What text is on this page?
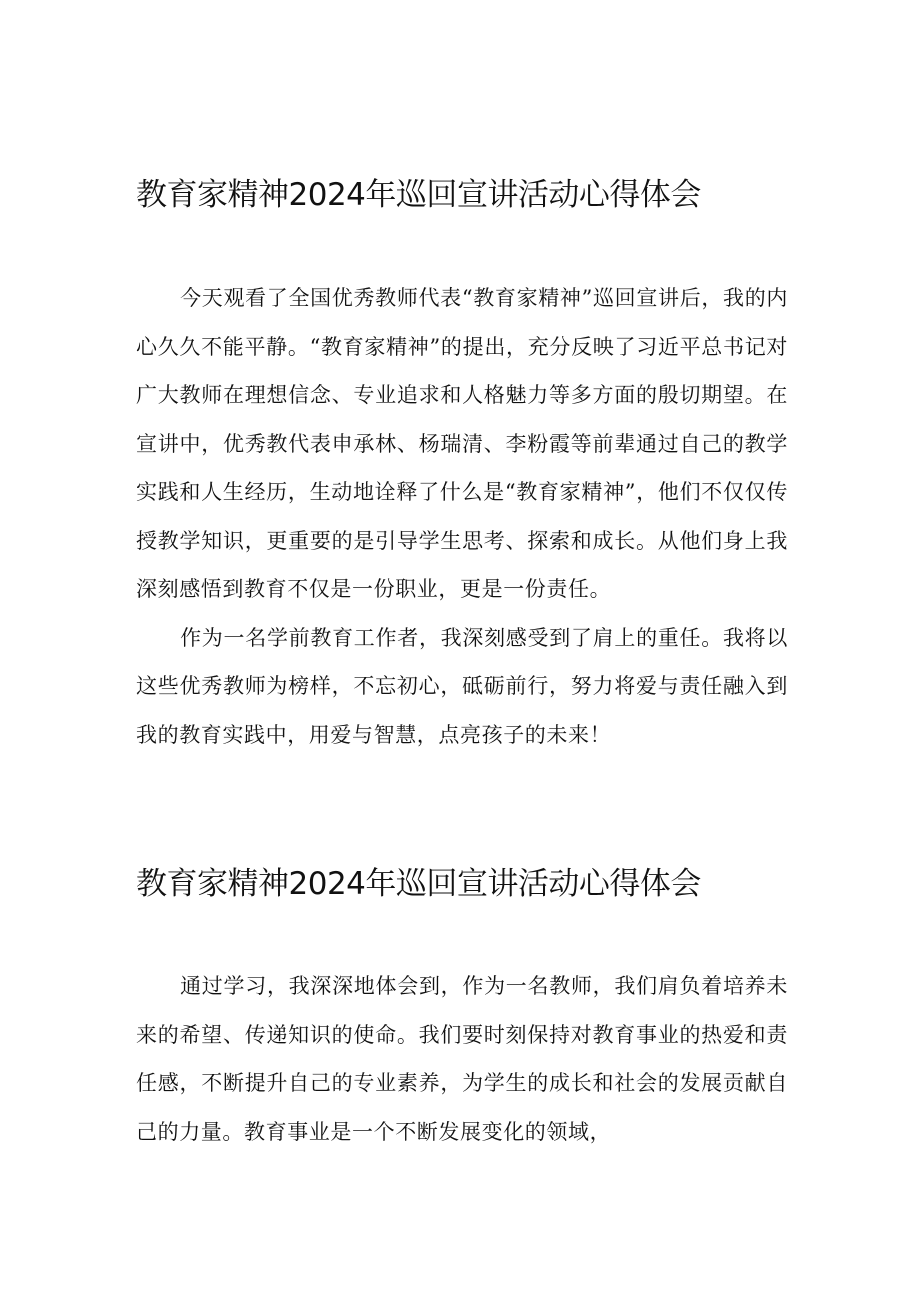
教育家精神2024年巡回宣讲活动心得体会

今天观看了全国优秀教师代表“教育家精神”巡回宣讲后，我的内心久久不能平静。“教育家精神”的提出，充分反映了习近平总书记对广大教师在理想信念、专业追求和人格魅力等多方面的殷切期望。在宣讲中，优秀教代表申承林、杨瑞清、李粉霞等前辈通过自己的教学实践和人生经历，生动地诠释了什么是“教育家精神”，他们不仅仅传授教学知识，更重要的是引导学生思考、探索和成长。从他们身上我深刻感悟到教育不仅是一份职业，更是一份责任。

作为一名学前教育工作者，我深刻感受到了肩上的重任。我将以这些优秀教师为榜样，不忘初心，砥砺前行，努力将爱与责任融入到我的教育实践中，用爱与智慧，点亮孩子的未来！

教育家精神2024年巡回宣讲活动心得体会

通过学习，我深深地体会到，作为一名教师，我们肩负着培养未来的希望、传递知识的使命。我们要时刻保持对教育事业的热爱和责任感，不断提升自己的专业素养，为学生的成长和社会的发展贡献自己的力量。教育事业是一个不断发展变化的领域，
